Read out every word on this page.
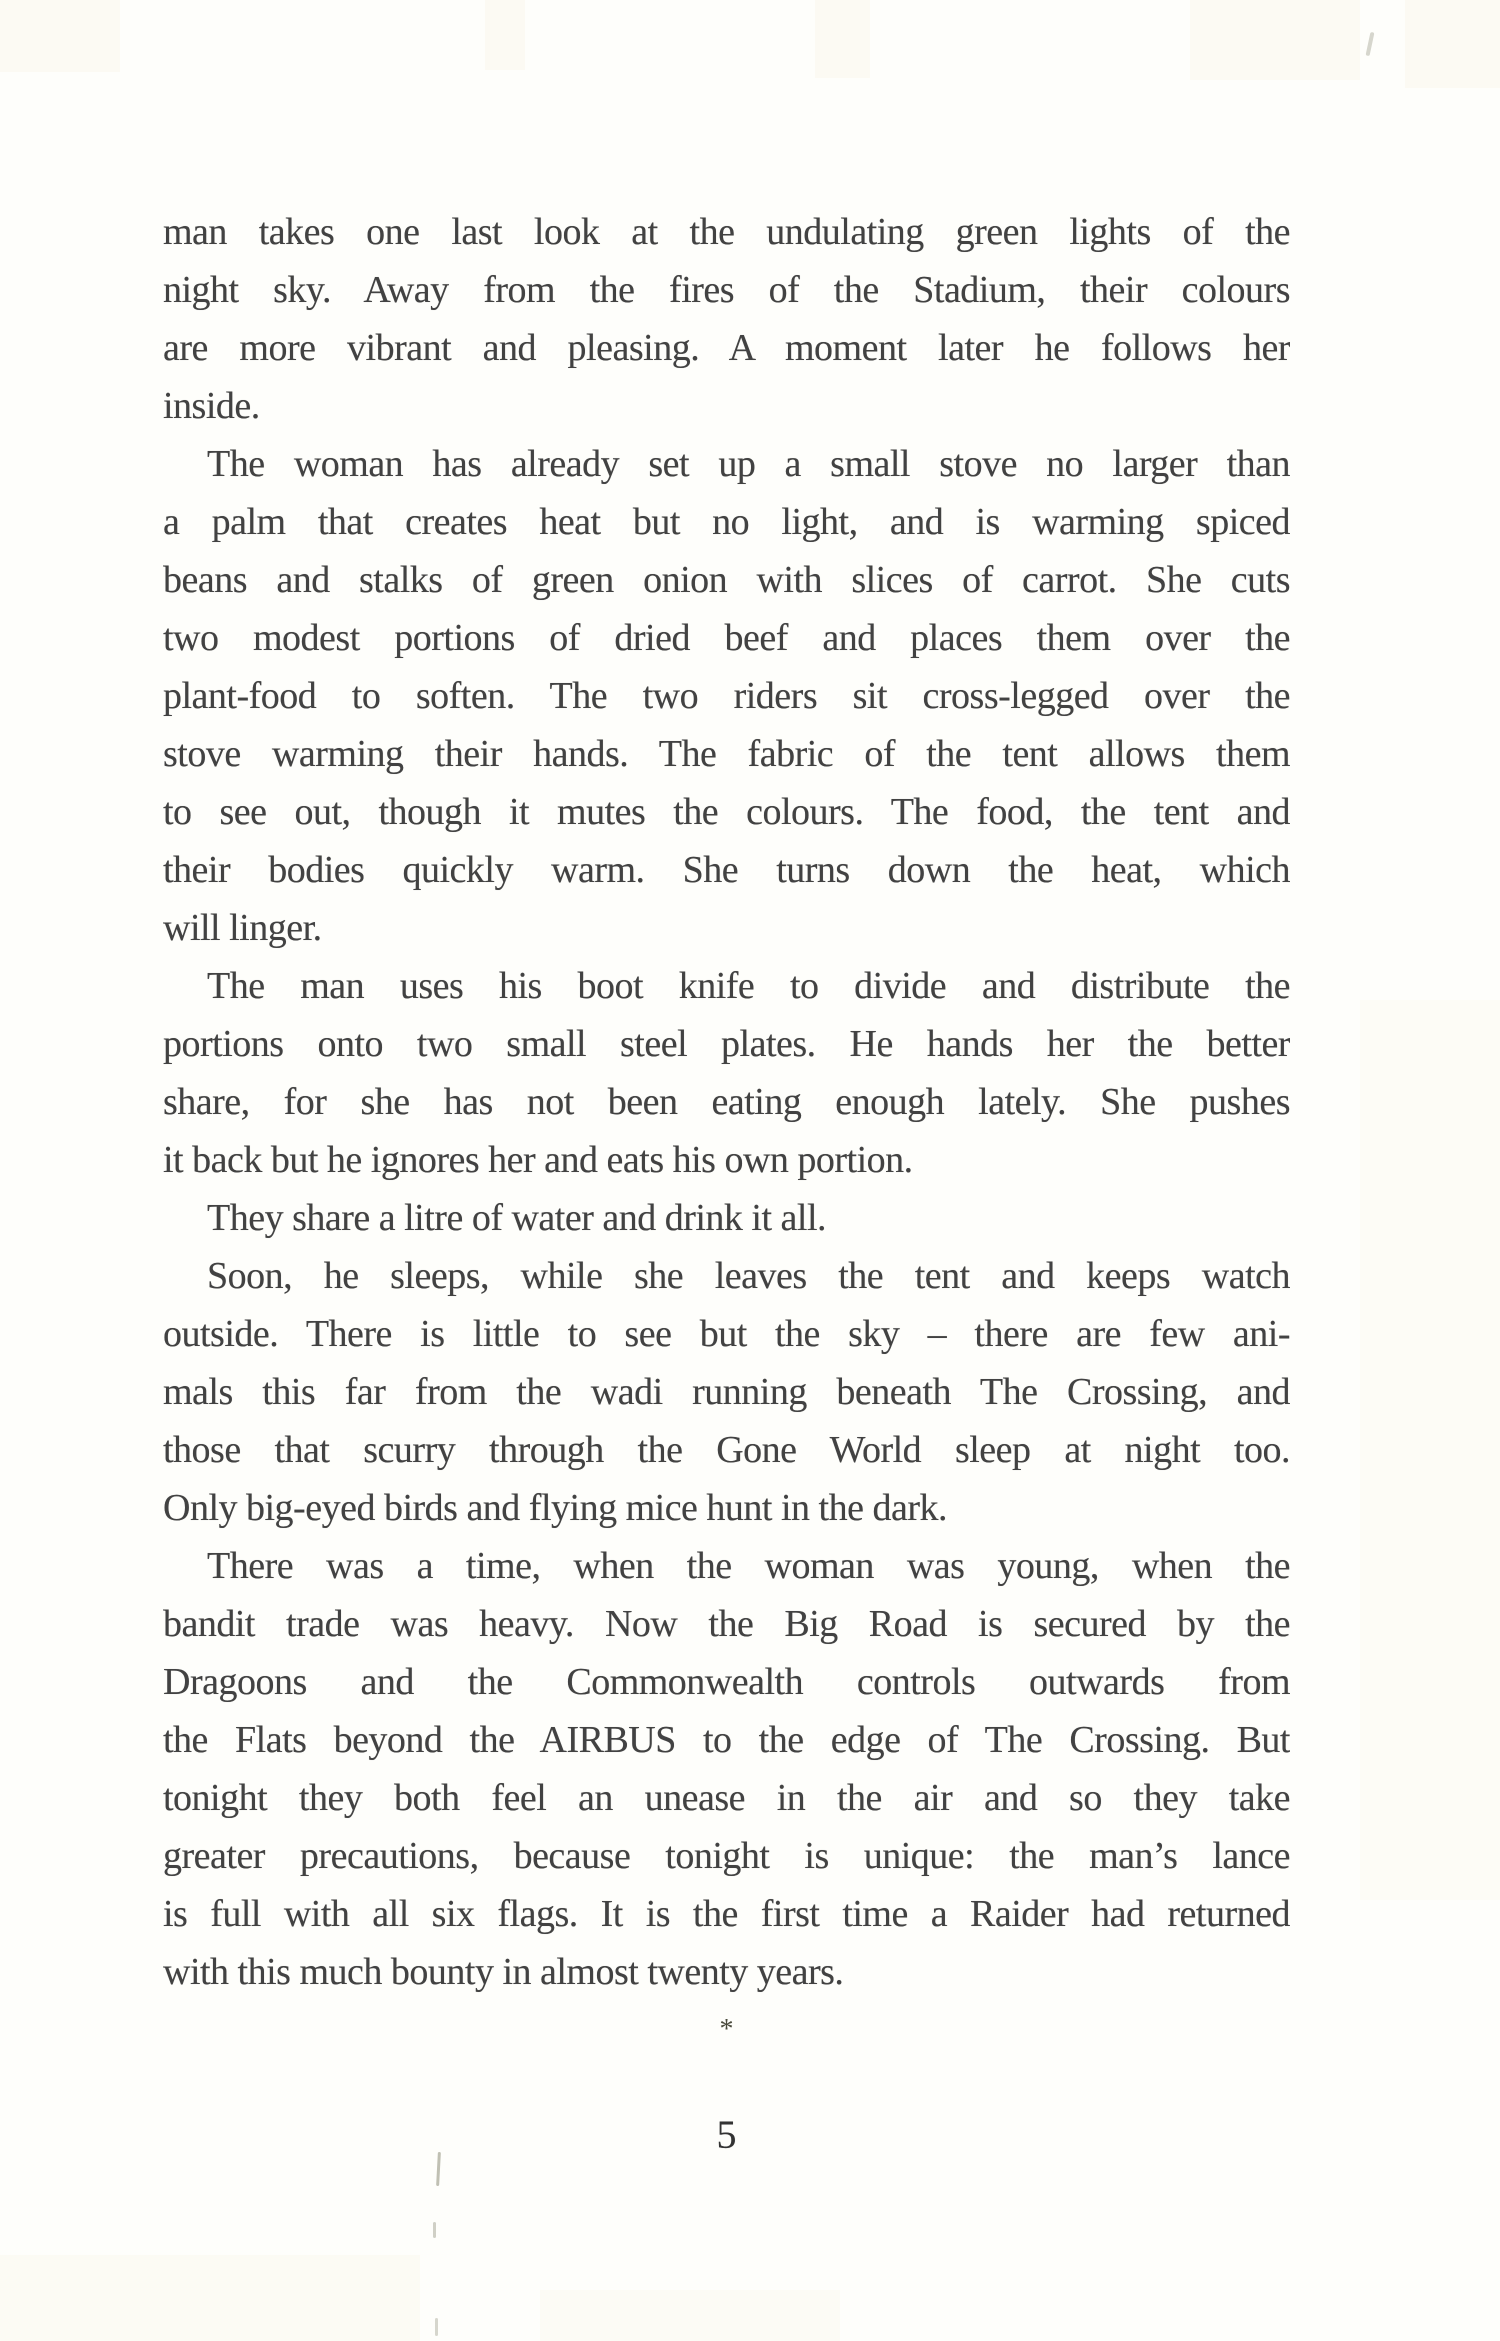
man takes one last look at the undulating green lights of the
night sky. Away from the fires of the Stadium, their colours
are more vibrant and pleasing. A moment later he follows her
inside.
The woman has already set up a small stove no larger than
a palm that creates heat but no light, and is warming spiced
beans and stalks of green onion with slices of carrot. She cuts
two modest portions of dried beef and places them over the
plant-food to soften. The two riders sit cross-legged over the
stove warming their hands. The fabric of the tent allows them
to see out, though it mutes the colours. The food, the tent and
their bodies quickly warm. She turns down the heat, which
will linger.
The man uses his boot knife to divide and distribute the
portions onto two small steel plates. He hands her the better
share, for she has not been eating enough lately. She pushes
it back but he ignores her and eats his own portion.
They share a litre of water and drink it all.
Soon, he sleeps, while she leaves the tent and keeps watch
outside. There is little to see but the sky – there are few ani-
mals this far from the wadi running beneath The Crossing, and
those that scurry through the Gone World sleep at night too.
Only big-eyed birds and flying mice hunt in the dark.
There was a time, when the woman was young, when the
bandit trade was heavy. Now the Big Road is secured by the
Dragoons and the Commonwealth controls outwards from
the Flats beyond the AIRBUS to the edge of The Crossing. But
tonight they both feel an unease in the air and so they take
greater precautions, because tonight is unique: the man’s lance
is full with all six flags. It is the first time a Raider had returned
with this much bounty in almost twenty years.
*
5
